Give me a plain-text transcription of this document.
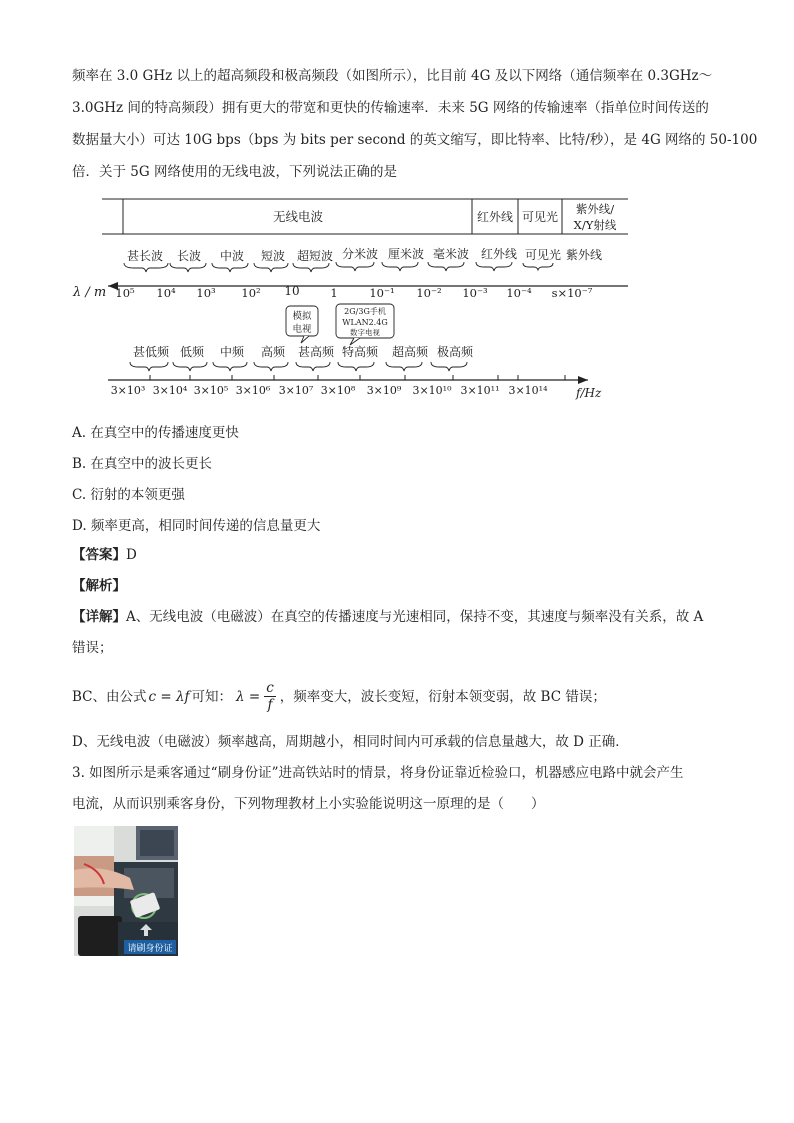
频率在 3.0 GHz 以上的超高频段和极高频段（如图所示），比目前 4G 及以下网络（通信频率在 0.3GHz～
3.0GHz 间的特高频段）拥有更大的带宽和更快的传输速率．未来 5G 网络的传输速率（指单位时间传送的
数据量大小）可达 10G bps（bps 为 bits per second 的英文缩写，即比特率、比特/秒），是 4G 网络的 50-100
倍．关于 5G 网络使用的无线电波，下列说法正确的是
无线电波	红外线 可见光
紫外线/
X/Y射线
甚长波 长波 中波 短波 超短波 分米波 厘米波 毫米波 红外线 可见光 紫外线
λ / m 10⁵ 10⁴ 10³ 10² 10	1	10⁻¹ 10⁻² 10⁻³ 10⁻⁴ s×10⁻⁷
模拟
电视
2G/3G手机
WLAN2.4G
数字电视
甚低频 低频 中频 高频 甚高频 特高频 超高频 极高频
3×10³ 3×10⁴ 3×10⁵ 3×10⁶ 3×10⁷ 3×10⁸ 3×10⁹ 3×10¹⁰ 3×10¹¹ 3×10¹⁴ f/Hz
A. 在真空中的传播速度更快
B. 在真空中的波长更长
C. 衍射的本领更强
D. 频率更高，相同时间传递的信息量更大
【答案】D
【解析】
【详解】A、无线电波（电磁波）在真空的传播速度与光速相同，保持不变，其速度与频率没有关系，故 A
错误；
BC、由公式 c = λf 可知： $\lambda = \frac{c}{f}$ ，频率变大，波长变短，衍射本领变弱，故 BC 错误；
D、无线电波（电磁波）频率越高，周期越小，相同时间内可承载的信息量越大，故 D 正确．
3. 如图所示是乘客通过“刷身份证”进高铁站时的情景，将身份证靠近检验口，机器感应电路中就会产生
电流，从而识别乘客身份，下列物理教材上小实验能说明这一原理的是（　　）
请刷身份证
